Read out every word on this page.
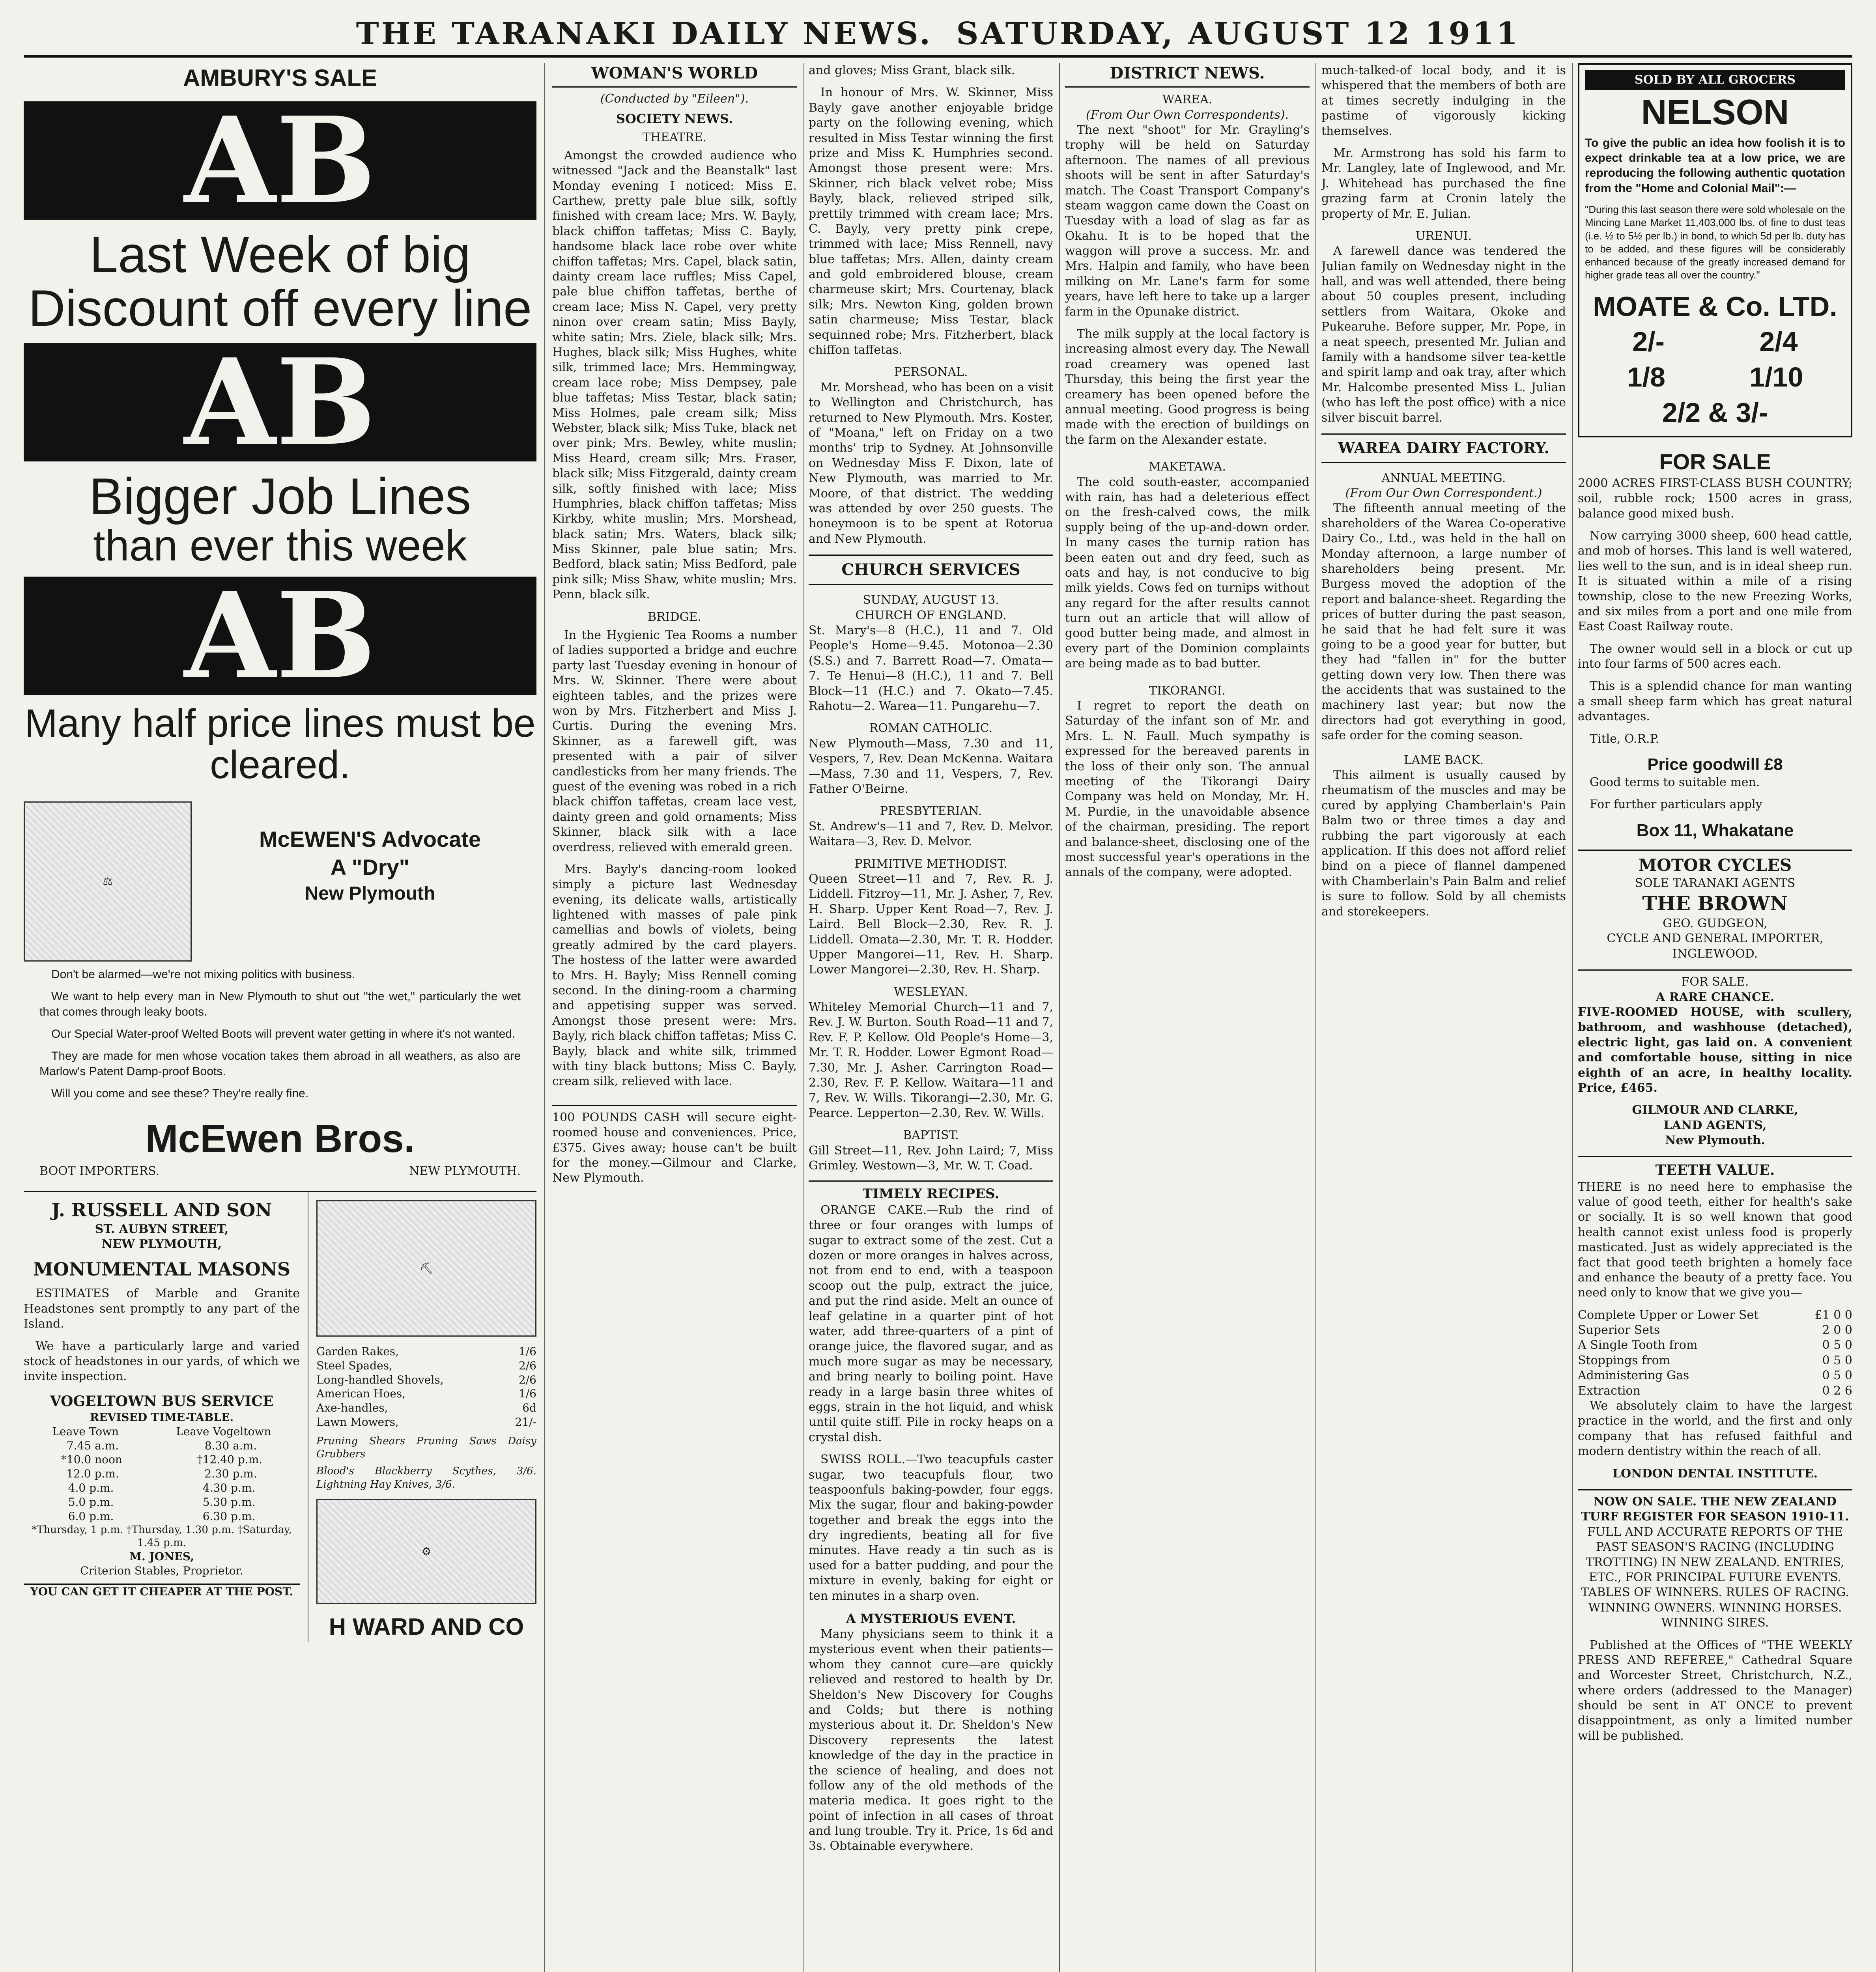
THE TARANAKI DAILY NEWS. SATURDAY, AUGUST 12 1911
AMBURY'S SALE
AB
Last Week of big Discount off every line
AB
Bigger Job Lines
than ever this week
AB
Many half price lines must be cleared.
⚖
McEWEN'S Advocate
A "Dry"
New Plymouth

Don't be alarmed—we're not mixing politics with business.

We want to help every man in New Plymouth to shut out "the wet," particularly the wet that comes through leaky boots.

Our Special Water-proof Welted Boots will prevent water getting in where it's not wanted.

They are made for men whose vocation takes them abroad in all weathers, as also are Marlow's Patent Damp-proof Boots.

Will you come and see these? They're really fine.

McEwen Bros.
BOOT IMPORTERS.	NEW PLYMOUTH.
J. RUSSELL AND SON
ST. AUBYN STREET,
NEW PLYMOUTH,
MONUMENTAL MASONS

ESTIMATES of Marble and Granite Headstones sent promptly to any part of the Island.

We have a particularly large and varied stock of headstones in our yards, of which we invite inspection.

VOGELTOWN BUS SERVICE
REVISED TIME-TABLE.
Leave Town	Leave Vogeltown
7.45 a.m.	8.30 a.m.
*10.0 noon	†12.40 p.m.
12.0 p.m.	2.30 p.m.
4.0 p.m.	4.30 p.m.
5.0 p.m.	5.30 p.m.
6.0 p.m.	6.30 p.m.
*Thursday, 1 p.m. †Thursday, 1.30 p.m. †Saturday, 1.45 p.m.
M. JONES,
Criterion Stables, Proprietor.
YOU CAN GET IT CHEAPER AT THE POST.
⛏
Garden Rakes,	1/6
Steel Spades,	2/6
Long-handled Shovels,	2/6
American Hoes,	1/6
Axe-handles,	6d
Lawn Mowers,	21/-
Pruning Shears Pruning Saws Daisy Grubbers
Blood's Blackberry Scythes, 3/6. Lightning Hay Knives, 3/6.
⚙
H WARD AND CO
WOMAN'S WORLD
(Conducted by "Eileen").
SOCIETY NEWS.
THEATRE.

Amongst the crowded audience who witnessed "Jack and the Beanstalk" last Monday evening I noticed: Miss E. Carthew, pretty pale blue silk, softly finished with cream lace; Mrs. W. Bayly, black chiffon taffetas; Miss C. Bayly, handsome black lace robe over white chiffon taffetas; Mrs. Capel, black satin, dainty cream lace ruffles; Miss Capel, pale blue chiffon taffetas, berthe of cream lace; Miss N. Capel, very pretty ninon over cream satin; Miss Bayly, white satin; Mrs. Ziele, black silk; Mrs. Hughes, black silk; Miss Hughes, white silk, trimmed lace; Mrs. Hemmingway, cream lace robe; Miss Dempsey, pale blue taffetas; Miss Testar, black satin; Miss Holmes, pale cream silk; Miss Webster, black silk; Miss Tuke, black net over pink; Mrs. Bewley, white muslin; Miss Heard, cream silk; Mrs. Fraser, black silk; Miss Fitzgerald, dainty cream silk, softly finished with lace; Miss Humphries, black chiffon taffetas; Miss Kirkby, white muslin; Mrs. Morshead, black satin; Mrs. Waters, black silk; Miss Skinner, pale blue satin; Mrs. Bedford, black satin; Miss Bedford, pale pink silk; Miss Shaw, white muslin; Mrs. Penn, black silk.

BRIDGE.

In the Hygienic Tea Rooms a number of ladies supported a bridge and euchre party last Tuesday evening in honour of Mrs. W. Skinner. There were about eighteen tables, and the prizes were won by Mrs. Fitzherbert and Miss J. Curtis. During the evening Mrs. Skinner, as a farewell gift, was presented with a pair of silver candlesticks from her many friends. The guest of the evening was robed in a rich black chiffon taffetas, cream lace vest, dainty green and gold ornaments; Miss Skinner, black silk with a lace overdress, relieved with emerald green.

Mrs. Bayly's dancing-room looked simply a picture last Wednesday evening, its delicate walls, artistically lightened with masses of pale pink camellias and bowls of violets, being greatly admired by the card players. The hostess of the latter were awarded to Mrs. H. Bayly; Miss Rennell coming second. In the dining-room a charming and appetising supper was served. Amongst those present were: Mrs. Bayly, rich black chiffon taffetas; Miss C. Bayly, black and white silk, trimmed with tiny black buttons; Miss C. Bayly, cream silk, relieved with lace.

100 POUNDS CASH will secure eight-roomed house and conveniences. Price, £375. Gives away; house can't be built for the money.—Gilmour and Clarke, New Plymouth.

and gloves; Miss Grant, black silk.

In honour of Mrs. W. Skinner, Miss Bayly gave another enjoyable bridge party on the following evening, which resulted in Miss Testar winning the first prize and Miss K. Humphries second. Amongst those present were: Mrs. Skinner, rich black velvet robe; Miss Bayly, black, relieved striped silk, prettily trimmed with cream lace; Mrs. C. Bayly, very pretty pink crepe, trimmed with lace; Miss Rennell, navy blue taffetas; Mrs. Allen, dainty cream and gold embroidered blouse, cream charmeuse skirt; Mrs. Courtenay, black silk; Mrs. Newton King, golden brown satin charmeuse; Miss Testar, black sequinned robe; Mrs. Fitzherbert, black chiffon taffetas.

PERSONAL.

Mr. Morshead, who has been on a visit to Wellington and Christchurch, has returned to New Plymouth. Mrs. Koster, of "Moana," left on Friday on a two months' trip to Sydney. At Johnsonville on Wednesday Miss F. Dixon, late of New Plymouth, was married to Mr. Moore, of that district. The wedding was attended by over 250 guests. The honeymoon is to be spent at Rotorua and New Plymouth.

CHURCH SERVICES
SUNDAY, AUGUST 13.
CHURCH OF ENGLAND.

St. Mary's—8 (H.C.), 11 and 7. Old People's Home—9.45. Motonoa—2.30 (S.S.) and 7. Barrett Road—7. Omata—7. Te Henui—8 (H.C.), 11 and 7. Bell Block—11 (H.C.) and 7. Okato—7.45. Rahotu—2. Warea—11. Pungarehu—7.

ROMAN CATHOLIC.

New Plymouth—Mass, 7.30 and 11, Vespers, 7, Rev. Dean McKenna. Waitara—Mass, 7.30 and 11, Vespers, 7, Rev. Father O'Beirne.

PRESBYTERIAN.

St. Andrew's—11 and 7, Rev. D. Melvor. Waitara—3, Rev. D. Melvor.

PRIMITIVE METHODIST.

Queen Street—11 and 7, Rev. R. J. Liddell. Fitzroy—11, Mr. J. Asher, 7, Rev. H. Sharp. Upper Kent Road—7, Rev. J. Laird. Bell Block—2.30, Rev. R. J. Liddell. Omata—2.30, Mr. T. R. Hodder. Upper Mangorei—11, Rev. H. Sharp. Lower Mangorei—2.30, Rev. H. Sharp.

WESLEYAN.

Whiteley Memorial Church—11 and 7, Rev. J. W. Burton. South Road—11 and 7, Rev. F. P. Kellow. Old People's Home—3, Mr. T. R. Hodder. Lower Egmont Road—7.30, Mr. J. Asher. Carrington Road—2.30, Rev. F. P. Kellow. Waitara—11 and 7, Rev. W. Wills. Tikorangi—2.30, Mr. G. Pearce. Lepperton—2.30, Rev. W. Wills.

BAPTIST.

Gill Street—11, Rev. John Laird; 7, Miss Grimley. Westown—3, Mr. W. T. Coad.

TIMELY RECIPES.

ORANGE CAKE.—Rub the rind of three or four oranges with lumps of sugar to extract some of the zest. Cut a dozen or more oranges in halves across, not from end to end, with a teaspoon scoop out the pulp, extract the juice, and put the rind aside. Melt an ounce of leaf gelatine in a quarter pint of hot water, add three-quarters of a pint of orange juice, the flavored sugar, and as much more sugar as may be necessary, and bring nearly to boiling point. Have ready in a large basin three whites of eggs, strain in the hot liquid, and whisk until quite stiff. Pile in rocky heaps on a crystal dish.

SWISS ROLL.—Two teacupfuls caster sugar, two teacupfuls flour, two teaspoonfuls baking-powder, four eggs. Mix the sugar, flour and baking-powder together and break the eggs into the dry ingredients, beating all for five minutes. Have ready a tin such as is used for a batter pudding, and pour the mixture in evenly, baking for eight or ten minutes in a sharp oven.

A MYSTERIOUS EVENT.

Many physicians seem to think it a mysterious event when their patients—whom they cannot cure—are quickly relieved and restored to health by Dr. Sheldon's New Discovery for Coughs and Colds; but there is nothing mysterious about it. Dr. Sheldon's New Discovery represents the latest knowledge of the day in the practice in the science of healing, and does not follow any of the old methods of the materia medica. It goes right to the point of infection in all cases of throat and lung trouble. Try it. Price, 1s 6d and 3s. Obtainable everywhere.

DISTRICT NEWS.
WAREA.
(From Our Own Correspondents).

The next "shoot" for Mr. Grayling's trophy will be held on Saturday afternoon. The names of all previous shoots will be sent in after Saturday's match. The Coast Transport Company's steam waggon came down the Coast on Tuesday with a load of slag as far as Okahu. It is to be hoped that the waggon will prove a success. Mr. and Mrs. Halpin and family, who have been milking on Mr. Lane's farm for some years, have left here to take up a larger farm in the Opunake district.

The milk supply at the local factory is increasing almost every day. The Newall road creamery was opened last Thursday, this being the first year the creamery has been opened before the annual meeting. Good progress is being made with the erection of buildings on the farm on the Alexander estate.

MAKETAWA.

The cold south-easter, accompanied with rain, has had a deleterious effect on the fresh-calved cows, the milk supply being of the up-and-down order. In many cases the turnip ration has been eaten out and dry feed, such as oats and hay, is not conducive to big milk yields. Cows fed on turnips without any regard for the after results cannot turn out an article that will allow of good butter being made, and almost in every part of the Dominion complaints are being made as to bad butter.

TIKORANGI.

I regret to report the death on Saturday of the infant son of Mr. and Mrs. L. N. Faull. Much sympathy is expressed for the bereaved parents in the loss of their only son. The annual meeting of the Tikorangi Dairy Company was held on Monday, Mr. H. M. Purdie, in the unavoidable absence of the chairman, presiding. The report and balance-sheet, disclosing one of the most successful year's operations in the annals of the company, were adopted.

much-talked-of local body, and it is whispered that the members of both are at times secretly indulging in the pastime of vigorously kicking themselves.

Mr. Armstrong has sold his farm to Mr. Langley, late of Inglewood, and Mr. J. Whitehead has purchased the fine grazing farm at Cronin lately the property of Mr. E. Julian.

URENUI.

A farewell dance was tendered the Julian family on Wednesday night in the hall, and was well attended, there being about 50 couples present, including settlers from Waitara, Okoke and Pukearuhe. Before supper, Mr. Pope, in a neat speech, presented Mr. Julian and family with a handsome silver tea-kettle and spirit lamp and oak tray, after which Mr. Halcombe presented Miss L. Julian (who has left the post office) with a nice silver biscuit barrel.

WAREA DAIRY FACTORY.
ANNUAL MEETING.
(From Our Own Correspondent.)

The fifteenth annual meeting of the shareholders of the Warea Co-operative Dairy Co., Ltd., was held in the hall on Monday afternoon, a large number of shareholders being present. Mr. Burgess moved the adoption of the report and balance-sheet. Regarding the prices of butter during the past season, he said that he had felt sure it was going to be a good year for butter, but they had "fallen in" for the butter getting down very low. Then there was the accidents that was sustained to the machinery last year; but now the directors had got everything in good, safe order for the coming season.

LAME BACK.

This ailment is usually caused by rheumatism of the muscles and may be cured by applying Chamberlain's Pain Balm two or three times a day and rubbing the part vigorously at each application. If this does not afford relief bind on a piece of flannel dampened with Chamberlain's Pain Balm and relief is sure to follow. Sold by all chemists and storekeepers.

SOLD BY ALL GROCERS
NELSON

To give the public an idea how foolish it is to expect drinkable tea at a low price, we are reproducing the following authentic quotation from the "Home and Colonial Mail":—

"During this last season there were sold wholesale on the Mincing Lane Market 11,403,000 lbs. of fine to dust teas (i.e. ½ to 5½ per lb.) in bond, to which 5d per lb. duty has to be added, and these figures will be considerably enhanced because of the greatly increased demand for higher grade teas all over the country."

MOATE & Co. LTD.
2/-	2/4
1/8	1/10
2/2 & 3/-
FOR SALE

2000 ACRES FIRST-CLASS BUSH COUNTRY; soil, rubble rock; 1500 acres in grass, balance good mixed bush.

Now carrying 3000 sheep, 600 head cattle, and mob of horses. This land is well watered, lies well to the sun, and is in ideal sheep run. It is situated within a mile of a rising township, close to the new Freezing Works, and six miles from a port and one mile from East Coast Railway route.

The owner would sell in a block or cut up into four farms of 500 acres each.

This is a splendid chance for man wanting a small sheep farm which has great natural advantages.

Title, O.R.P.

Price goodwill £8

Good terms to suitable men.

For further particulars apply

Box 11, Whakatane
MOTOR CYCLES
SOLE TARANAKI AGENTS
THE BROWN
GEO. GUDGEON,
CYCLE AND GENERAL IMPORTER,
INGLEWOOD.
FOR SALE.
A RARE CHANCE.

FIVE-ROOMED HOUSE, with scullery, bathroom, and washhouse (detached), electric light, gas laid on. A convenient and comfortable house, sitting in nice eighth of an acre, in healthy locality. Price, £465.

GILMOUR AND CLARKE,
LAND AGENTS,
New Plymouth.
TEETH VALUE.

THERE is no need here to emphasise the value of good teeth, either for health's sake or socially. It is so well known that good health cannot exist unless food is properly masticated. Just as widely appreciated is the fact that good teeth brighten a homely face and enhance the beauty of a pretty face. You need only to know that we give you—

Complete Upper or Lower Set	£1 0 0
Superior Sets	2 0 0
A Single Tooth from	0 5 0
Stoppings from	0 5 0
Administering Gas	0 5 0
Extraction	0 2 6

We absolutely claim to have the largest practice in the world, and the first and only company that has refused faithful and modern dentistry within the reach of all.

LONDON DENTAL INSTITUTE.
NOW ON SALE. THE NEW ZEALAND TURF REGISTER FOR SEASON 1910-11.

FULL AND ACCURATE REPORTS OF THE PAST SEASON'S RACING (INCLUDING TROTTING) IN NEW ZEALAND. ENTRIES, ETC., FOR PRINCIPAL FUTURE EVENTS. TABLES OF WINNERS. RULES OF RACING. WINNING OWNERS. WINNING HORSES. WINNING SIRES.

Published at the Offices of "THE WEEKLY PRESS AND REFEREE," Cathedral Square and Worcester Street, Christchurch, N.Z., where orders (addressed to the Manager) should be sent in AT ONCE to prevent disappointment, as only a limited number will be published.
